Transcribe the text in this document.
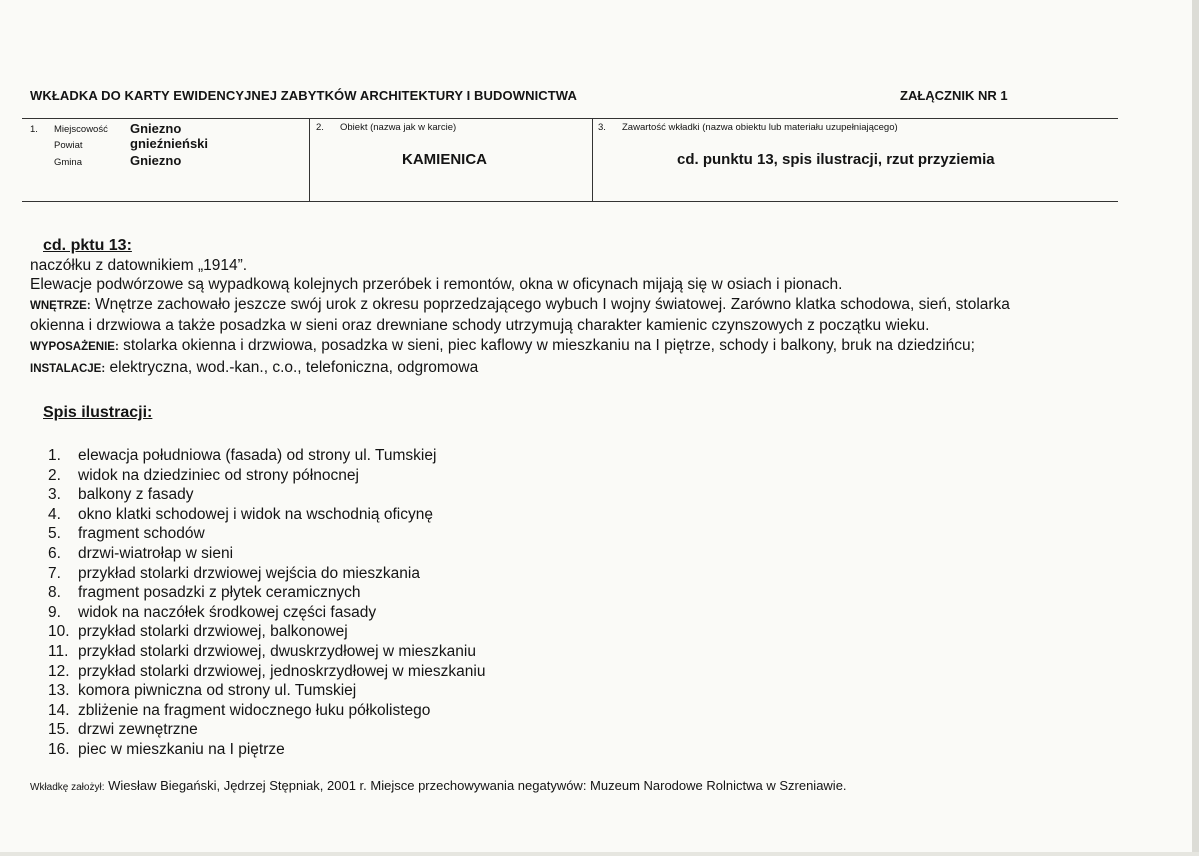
WKŁADKA DO KARTY EWIDENCYJNEJ ZABYTKÓW ARCHITEKTURY I BUDOWNICTWA	ZAŁĄCZNIK NR 1
1. Miejscowość Gniezno
Powiat	gnieźnieński
Gmina	Gniezno
2. Obiekt (nazwa jak w karcie)
KAMIENICA
3. Zawartość wkładki (nazwa obiektu lub materiału uzupełniającego)
cd. punktu 13, spis ilustracji, rzut przyziemia

cd. pktu 13:

naczółku z datownikiem „1914”.

Elewacje podwórzowe są wypadkową kolejnych przeróbek i remontów, okna w oficynach mijają się w osiach i pionach.

WNĘTRZE: Wnętrze zachowało jeszcze swój urok z okresu poprzedzającego wybuch I wojny światowej. Zarówno klatka schodowa, sień, stolarka

okienna i drzwiowa a także posadzka w sieni oraz drewniane schody utrzymują charakter kamienic czynszowych z początku wieku.

WYPOSAŻENIE: stolarka okienna i drzwiowa, posadzka w sieni, piec kaflowy w mieszkaniu na I piętrze, schody i balkony, bruk na dziedzińcu;

INSTALACJE: elektryczna, wod.-kan., c.o., telefoniczna, odgromowa

Spis ilustracji:
1. elewacja południowa (fasada) od strony ul. Tumskiej
2. widok na dziedziniec od strony północnej
3. balkony z fasady
4. okno klatki schodowej i widok na wschodnią oficynę
5. fragment schodów
6. drzwi-wiatrołap w sieni
7. przykład stolarki drzwiowej wejścia do mieszkania
8. fragment posadzki z płytek ceramicznych
9. widok na naczółek środkowej części fasady
10. przykład stolarki drzwiowej, balkonowej
11. przykład stolarki drzwiowej, dwuskrzydłowej w mieszkaniu
12. przykład stolarki drzwiowej, jednoskrzydłowej w mieszkaniu
13. komora piwniczna od strony ul. Tumskiej
14. zbliżenie na fragment widocznego łuku półkolistego
15. drzwi zewnętrzne
16. piec w mieszkaniu na I piętrze
Wkładkę założył: Wiesław Biegański, Jędrzej Stępniak, 2001 r. Miejsce przechowywania negatywów: Muzeum Narodowe Rolnictwa w Szreniawie.
